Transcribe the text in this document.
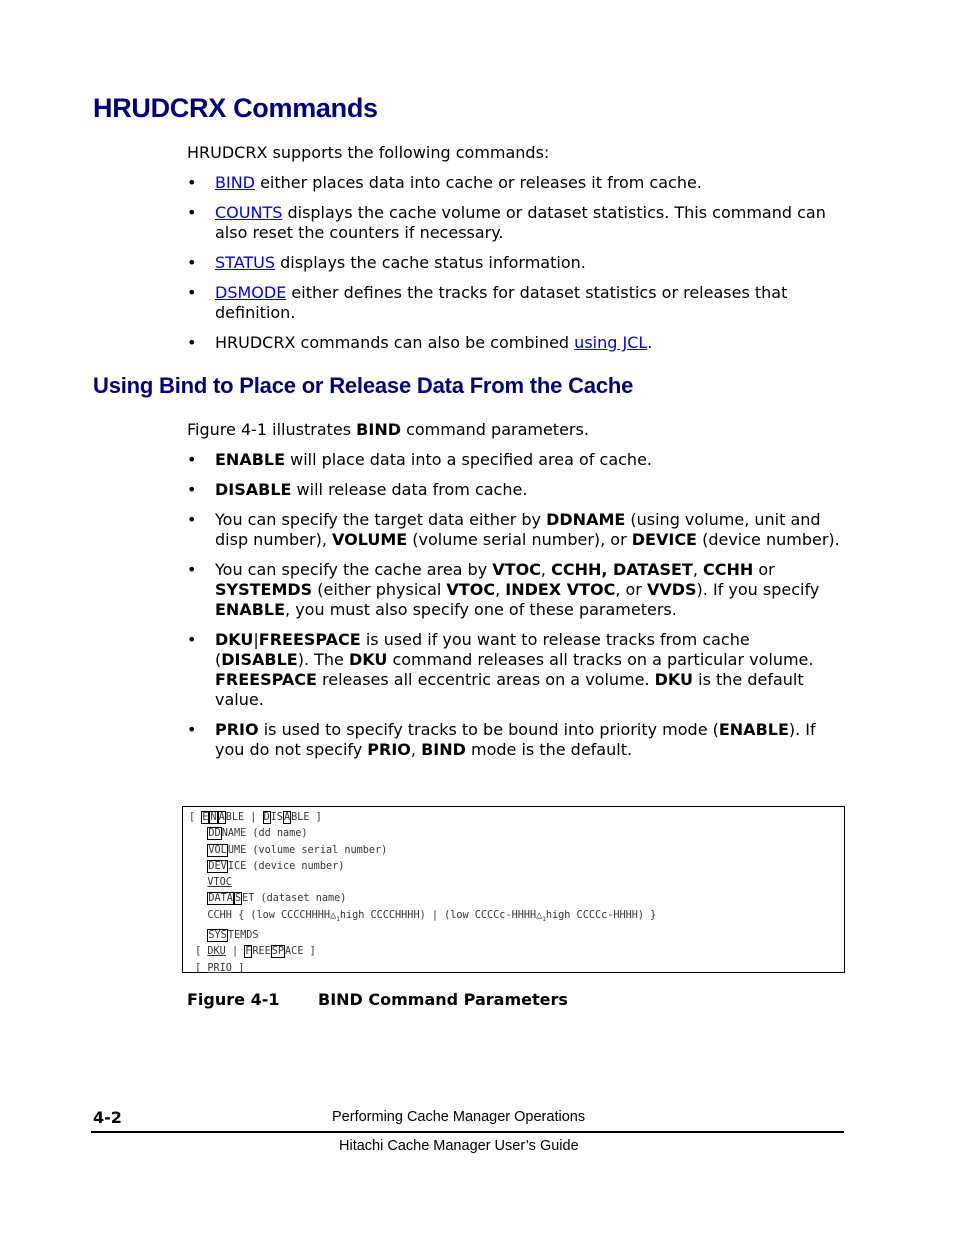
HRUDCRX Commands

HRUDCRX supports the following commands:

• BIND either places data into cache or releases it from cache.
• COUNTS displays the cache volume or dataset statistics. This command can also reset the counters if necessary.
• STATUS displays the cache status information.
• DSMODE either defines the tracks for dataset statistics or releases that definition.
• HRUDCRX commands can also be combined using JCL.
Using Bind to Place or Release Data From the Cache

Figure 4-1 illustrates BIND command parameters.

• ENABLE will place data into a specified area of cache.
• DISABLE will release data from cache.
• You can specify the target data either by DDNAME (using volume, unit and disp number), VOLUME (volume serial number), or DEVICE (device number).
• You can specify the cache area by VTOC, CCHH, DATASET, CCHH or SYSTEMDS (either physical VTOC, INDEX VTOC, or VVDS). If you specify ENABLE, you must also specify one of these parameters.
• DKU|FREESPACE is used if you want to release tracks from cache (DISABLE). The DKU command releases all tracks on a particular volume. FREESPACE releases all eccentric areas on a volume. DKU is the default value.
• PRIO is used to specify tracks to be bound into priority mode (ENABLE). If you do not specify PRIO, BIND mode is the default.
[ E N ABLE | DISABLE ]
DDNAME (dd name)
VOLUME (volume serial number)
DEVICE (device number)
VTOC
DATA SET (dataset name)
CCHH { (low $CCCCHHHH\triangle_1high$ CCCCHHHH) | (low CCCCc-$HHHH\triangle_1high$ CCCCc-HHHH) }
SYSTEMDS
[ DKU | FREESPACE ]
[ PRIO ]
Figure 4-1 BIND Command Parameters
4-2	Performing Cache Manager Operations
Hitachi Cache Manager User’s Guide
